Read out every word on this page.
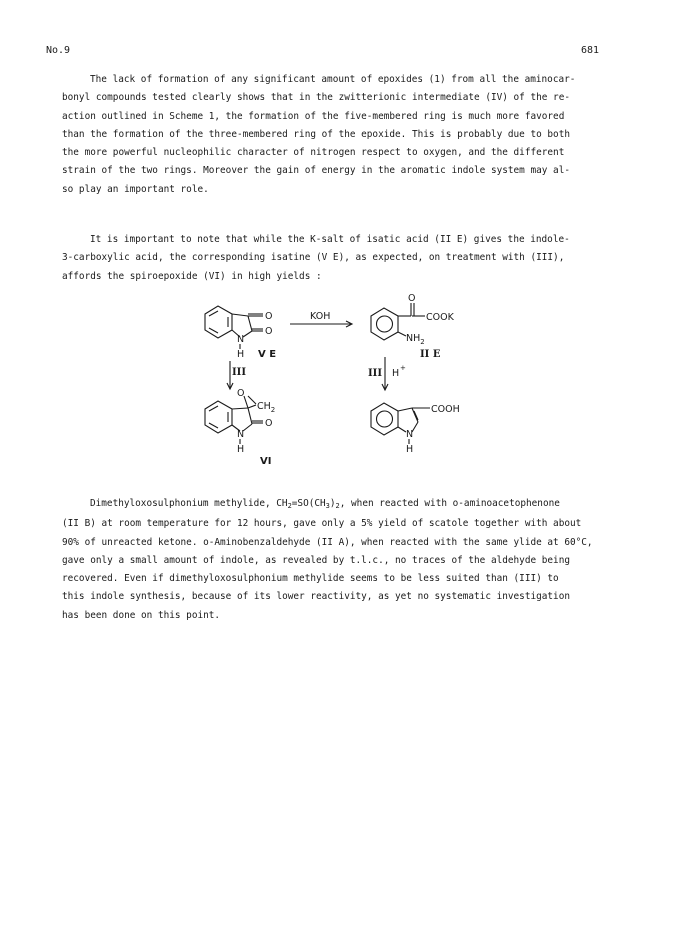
No.9	681
The lack of formation of any significant amount of epoxides (1) from all the aminocar-
bonyl compounds tested clearly shows that in the zwitterionic intermediate (IV) of the re-
action outlined in Scheme 1, the formation of the five-membered ring is much more favored
than the formation of the three-membered ring of the epoxide. This is probably due to both
the more powerful nucleophilic character of nitrogen respect to oxygen, and the different
strain of the two rings. Moreover the gain of energy in the aromatic indole system may al-
so play an important role.
It is important to note that while the K-salt of isatic acid (II E) gives the indole-
3-carboxylic acid, the corresponding isatine (V E), as expected, on treatment with (III),
affords the spiroepoxide (VI) in high yields :
O
O
N
H V E
KOH
O
COOK
$NH_2$
II E
III	III H +
O
$CH_2$
O
N
H
VI
COOH
N
H
Dimethyloxosulphonium methylide, $CH_2=SO(CH_3)_2$, when reacted with o-aminoacetophenone
(II B) at room temperature for 12 hours, gave only a 5% yield of scatole together with about
90% of unreacted ketone. o-Aminobenzaldehyde (II A), when reacted with the same ylide at 60°C,
gave only a small amount of indole, as revealed by t.l.c., no traces of the aldehyde being
recovered. Even if dimethyloxosulphonium methylide seems to be less suited than (III) to
this indole synthesis, because of its lower reactivity, as yet no systematic investigation
has been done on this point.
